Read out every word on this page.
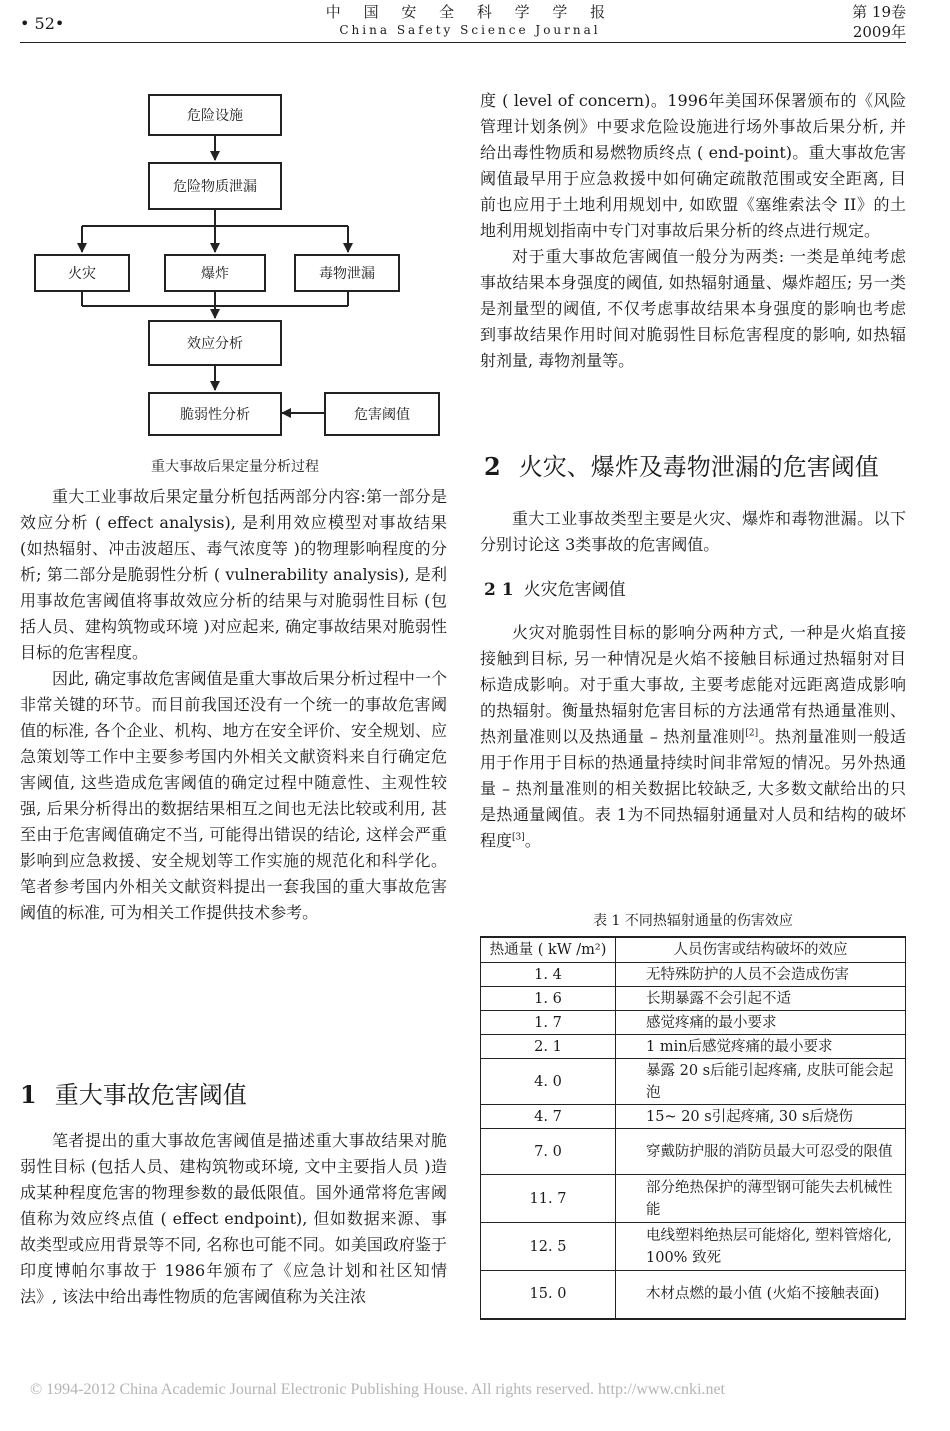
• 52•
中 国 安 全 科 学 学 报
China Safety Science Journal
第 19卷
2009年
危险设施
危险物质泄漏
火灾	爆炸	毒物泄漏
效应分析
脆弱性分析	危害阈值
重大事故后果定量分析过程

重大工业事故后果定量分析包括两部分内容:第一部分是效应分析 ( effect analysis), 是利用效应模型对事故结果 (如热辐射、冲击波超压、毒气浓度等 )的物理影响程度的分析; 第二部分是脆弱性分析 ( vulnerability analysis), 是利用事故危害阈值将事故效应分析的结果与对脆弱性目标 (包括人员、建构筑物或环境 )对应起来, 确定事故结果对脆弱性目标的危害程度。

因此, 确定事故危害阈值是重大事故后果分析过程中一个非常关键的环节。而目前我国还没有一个统一的事故危害阈值的标准, 各个企业、机构、地方在安全评价、安全规划、应急策划等工作中主要参考国内外相关文献资料来自行确定危害阈值, 这些造成危害阈值的确定过程中随意性、主观性较强, 后果分析得出的数据结果相互之间也无法比较或利用, 甚至由于危害阈值确定不当, 可能得出错误的结论, 这样会严重影响到应急救援、安全规划等工作实施的规范化和科学化。笔者参考国内外相关文献资料提出一套我国的重大事故危害阈值的标准, 可为相关工作提供技术参考。

1 重大事故危害阈值

笔者提出的重大事故危害阈值是描述重大事故结果对脆弱性目标 (包括人员、建构筑物或环境, 文中主要指人员 )造成某种程度危害的物理参数的最低限值。国外通常将危害阈值称为效应终点值 ( effect endpoint), 但如数据来源、事故类型或应用背景等不同, 名称也可能不同。如美国政府鉴于印度博帕尔事故于 1986年颁布了《应急计划和社区知情法》, 该法中给出毒性物质的危害阈值称为关注浓

度 ( level of concern)。1996年美国环保署颁布的《风险管理计划条例》中要求危险设施进行场外事故后果分析, 并给出毒性物质和易燃物质终点 ( end-point)。重大事故危害阈值最早用于应急救援中如何确定疏散范围或安全距离, 目前也应用于土地利用规划中, 如欧盟《塞维索法令 II》的土地利用规划指南中专门对事故后果分析的终点进行规定。

对于重大事故危害阈值一般分为两类: 一类是单纯考虑事故结果本身强度的阈值, 如热辐射通量、爆炸超压; 另一类是剂量型的阈值, 不仅考虑事故结果本身强度的影响也考虑到事故结果作用时间对脆弱性目标危害程度的影响, 如热辐射剂量, 毒物剂量等。

2 火灾、爆炸及毒物泄漏的危害阈值

重大工业事故类型主要是火灾、爆炸和毒物泄漏。以下分别讨论这 3类事故的危害阈值。

2 1 火灾危害阈值

火灾对脆弱性目标的影响分两种方式, 一种是火焰直接接触到目标, 另一种情况是火焰不接触目标通过热辐射对目标造成影响。对于重大事故, 主要考虑能对远距离造成影响的热辐射。衡量热辐射危害目标的方法通常有热通量准则、热剂量准则以及热通量 – 热剂量准则[2]。热剂量准则一般适用于作用于目标的热通量持续时间非常短的情况。另外热通量 – 热剂量准则的相关数据比较缺乏, 大多数文献给出的只是热通量阈值。表 1为不同热辐射通量对人员和结构的破坏程度[3]。

表 1 不同热辐射通量的伤害效应
热通量 ( kW /m²)	人员伤害或结构破坏的效应
1. 4	无特殊防护的人员不会造成伤害
1. 6	长期暴露不会引起不适
1. 7	感觉疼痛的最小要求
2. 1	1 min后感觉疼痛的最小要求
4. 0	暴露 20 s后能引起疼痛, 皮肤可能会起泡
4. 7	15~ 20 s引起疼痛, 30 s后烧伤
7. 0	穿戴防护服的消防员最大可忍受的限值
11. 7	部分绝热保护的薄型钢可能失去机械性能
12. 5	电线塑料绝热层可能熔化, 塑料管熔化, 100% 致死
15. 0	木材点燃的最小值 (火焰不接触表面)
© 1994-2012 China Academic Journal Electronic Publishing House. All rights reserved. http://www.cnki.net
